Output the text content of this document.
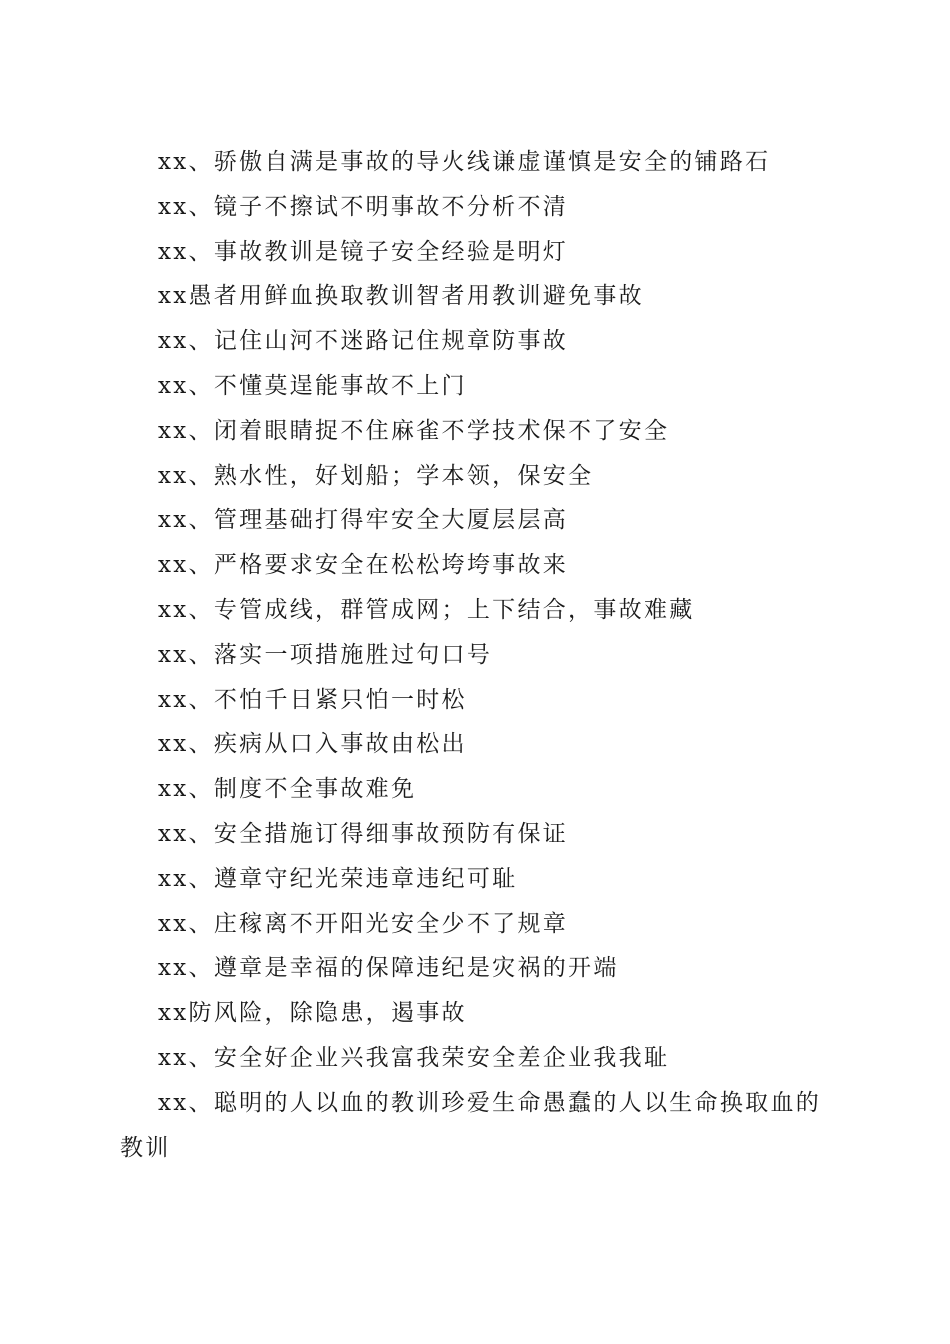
xx、骄傲自满是事故的导火线谦虚谨慎是安全的铺路石
xx、镜子不擦试不明事故不分析不清
xx、事故教训是镜子安全经验是明灯
xx愚者用鲜血换取教训智者用教训避免事故
xx、记住山河不迷路记住规章防事故
xx、不懂莫逞能事故不上门
xx、闭着眼睛捉不住麻雀不学技术保不了安全
xx、熟水性，好划船；学本领，保安全
xx、管理基础打得牢安全大厦层层高
xx、严格要求安全在松松垮垮事故来
xx、专管成线，群管成网；上下结合，事故难藏
xx、落实一项措施胜过句口号
xx、不怕千日紧只怕一时松
xx、疾病从口入事故由松出
xx、制度不全事故难免
xx、安全措施订得细事故预防有保证
xx、遵章守纪光荣违章违纪可耻
xx、庄稼离不开阳光安全少不了规章
xx、遵章是幸福的保障违纪是灾祸的开端
xx防风险，除隐患，遏事故
xx、安全好企业兴我富我荣安全差企业我我耻
xx、聪明的人以血的教训珍爱生命愚蠢的人以生命换取血的教训
